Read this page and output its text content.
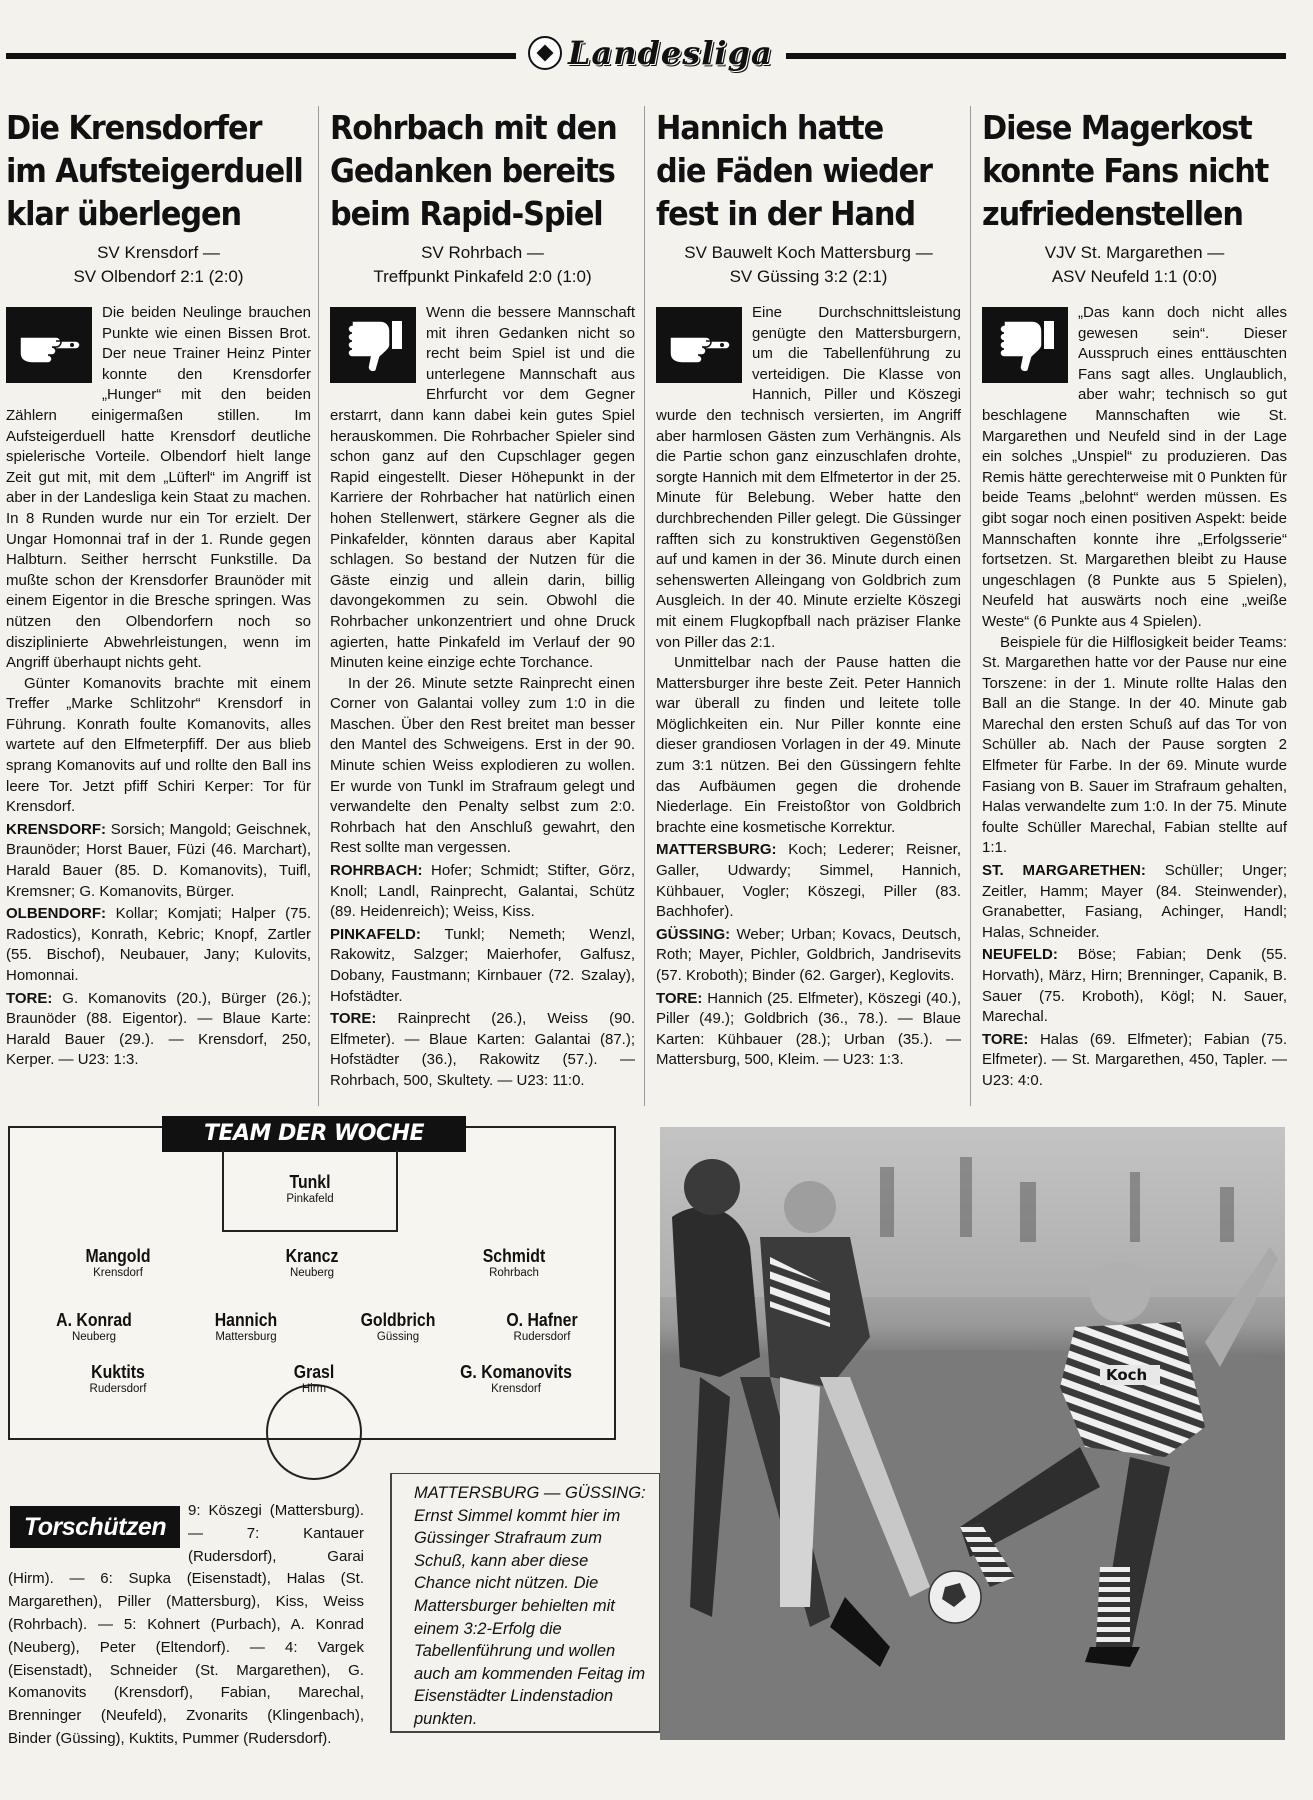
Landesliga
Die Krensdorfer
im Aufsteigerduell
klar überlegen
SV Krensdorf —
SV Olbendorf 2:1 (2:0)

Die beiden Neulinge brauchen Punkte wie einen Bissen Brot. Der neue Trainer Heinz Pinter konnte den Krensdorfer „Hunger“ mit den beiden Zählern einigermaßen stillen. Im Aufsteigerduell hatte Krensdorf deutliche spielerische Vorteile. Olbendorf hielt lange Zeit gut mit, mit dem „Lüfterl“ im Angriff ist aber in der Landesliga kein Staat zu machen. In 8 Runden wurde nur ein Tor erzielt. Der Ungar Homonnai traf in der 1. Runde gegen Halbturn. Seither herrscht Funkstille. Da mußte schon der Krensdorfer Braunöder mit einem Eigentor in die Bresche springen. Was nützen den Olbendorfern noch so disziplinierte Abwehrleistungen, wenn im Angriff überhaupt nichts geht.

Günter Komanovits brachte mit einem Treffer „Marke Schlitzohr“ Krensdorf in Führung. Konrath foulte Komanovits, alles wartete auf den Elfmeterpfiff. Der aus blieb sprang Komanovits auf und rollte den Ball ins leere Tor. Jetzt pfiff Schiri Kerper: Tor für Krensdorf.

KRENSDORF: Sorsich; Mangold; Geischnek, Braunöder; Horst Bauer, Füzi (46. Marchart), Harald Bauer (85. D. Komanovits), Tuifl, Kremsner; G. Komanovits, Bürger.

OLBENDORF: Kollar; Komjati; Halper (75. Radostics), Konrath, Kebric; Knopf, Zartler (55. Bischof), Neubauer, Jany; Kulovits, Homonnai.

TORE: G. Komanovits (20.), Bürger (26.); Braunöder (88. Eigentor). — Blaue Karte: Harald Bauer (29.). — Krensdorf, 250, Kerper. — U23: 1:3.

Rohrbach mit den
Gedanken bereits
beim Rapid-Spiel
SV Rohrbach —
Treffpunkt Pinkafeld 2:0 (1:0)

Wenn die bessere Mannschaft mit ihren Gedanken nicht so recht beim Spiel ist und die unterlegene Mannschaft aus Ehrfurcht vor dem Gegner erstarrt, dann kann dabei kein gutes Spiel herauskommen. Die Rohrbacher Spieler sind schon ganz auf den Cupschlager gegen Rapid eingestellt. Dieser Höhepunkt in der Karriere der Rohrbacher hat natürlich einen hohen Stellenwert, stärkere Gegner als die Pinkafelder, könnten daraus aber Kapital schlagen. So bestand der Nutzen für die Gäste einzig und allein darin, billig davongekommen zu sein. Obwohl die Rohrbacher unkonzentriert und ohne Druck agierten, hatte Pinkafeld im Verlauf der 90 Minuten keine einzige echte Torchance.

In der 26. Minute setzte Rainprecht einen Corner von Galantai volley zum 1:0 in die Maschen. Über den Rest breitet man besser den Mantel des Schweigens. Erst in der 90. Minute schien Weiss explodieren zu wollen. Er wurde von Tunkl im Strafraum gelegt und verwandelte den Penalty selbst zum 2:0. Rohrbach hat den Anschluß gewahrt, den Rest sollte man vergessen.

ROHRBACH: Hofer; Schmidt; Stifter, Görz, Knoll; Landl, Rainprecht, Galantai, Schütz (89. Heidenreich); Weiss, Kiss.

PINKAFELD: Tunkl; Nemeth; Wenzl, Rakowitz, Salzger; Maierhofer, Galfusz, Dobany, Faustmann; Kirnbauer (72. Szalay), Hofstädter.

TORE: Rainprecht (26.), Weiss (90. Elfmeter). — Blaue Karten: Galantai (87.); Hofstädter (36.), Rakowitz (57.). — Rohrbach, 500, Skultety. — U23: 11:0.

Hannich hatte
die Fäden wieder
fest in der Hand
SV Bauwelt Koch Mattersburg —
SV Güssing 3:2 (2:1)

Eine Durchschnittsleistung genügte den Mattersburgern, um die Tabellenführung zu verteidigen. Die Klasse von Hannich, Piller und Köszegi wurde den technisch versierten, im Angriff aber harmlosen Gästen zum Verhängnis. Als die Partie schon ganz einzuschlafen drohte, sorgte Hannich mit dem Elfmetertor in der 25. Minute für Belebung. Weber hatte den durchbrechenden Piller gelegt. Die Güssinger rafften sich zu konstruktiven Gegenstößen auf und kamen in der 36. Minute durch einen sehenswerten Alleingang von Goldbrich zum Ausgleich. In der 40. Minute erzielte Köszegi mit einem Flugkopfball nach präziser Flanke von Piller das 2:1.

Unmittelbar nach der Pause hatten die Mattersburger ihre beste Zeit. Peter Hannich war überall zu finden und leitete tolle Möglichkeiten ein. Nur Piller konnte eine dieser grandiosen Vorlagen in der 49. Minute zum 3:1 nützen. Bei den Güssingern fehlte das Aufbäumen gegen die drohende Niederlage. Ein Freistoßtor von Goldbrich brachte eine kosmetische Korrektur.

MATTERSBURG: Koch; Lederer; Reisner, Galler, Udwardy; Simmel, Hannich, Kühbauer, Vogler; Köszegi, Piller (83. Bachhofer).

GÜSSING: Weber; Urban; Kovacs, Deutsch, Roth; Mayer, Pichler, Goldbrich, Jandrisevits (57. Krobоth); Binder (62. Garger), Keglovits.

TORE: Hannich (25. Elfmeter), Köszegi (40.), Piller (49.); Goldbrich (36., 78.). — Blaue Karten: Kühbauer (28.); Urban (35.). — Mattersburg, 500, Kleim. — U23: 1:3.

Diese Magerkost
konnte Fans nicht
zufriedenstellen
VJV St. Margarethen —
ASV Neufeld 1:1 (0:0)

„Das kann doch nicht alles gewesen sein“. Dieser Ausspruch eines enttäuschten Fans sagt alles. Unglaublich, aber wahr; technisch so gut beschlagene Mannschaften wie St. Margarethen und Neufeld sind in der Lage ein solches „Unspiel“ zu produzieren. Das Remis hätte gerechterweise mit 0 Punkten für beide Teams „belohnt“ werden müssen. Es gibt sogar noch einen positiven Aspekt: beide Mannschaften konnte ihre „Erfolgsserie“ fortsetzen. St. Margarethen bleibt zu Hause ungeschlagen (8 Punkte aus 5 Spielen), Neufeld hat auswärts noch eine „weiße Weste“ (6 Punkte aus 4 Spielen).

Beispiele für die Hilflosigkeit beider Teams: St. Margarethen hatte vor der Pause nur eine Torszene: in der 1. Minute rollte Halas den Ball an die Stange. In der 40. Minute gab Marechal den ersten Schuß auf das Tor von Schüller ab. Nach der Pause sorgten 2 Elfmeter für Farbe. In der 69. Minute wurde Fasiang von B. Sauer im Strafraum gehalten, Halas verwandelte zum 1:0. In der 75. Minute foulte Schüller Marechal, Fabian stellte auf 1:1.

ST. MARGARETHEN: Schüller; Unger; Zeitler, Hamm; Mayer (84. Steinwender), Granabetter, Fasiang, Achinger, Handl; Halas, Schneider.

NEUFELD: Böse; Fabian; Denk (55. Horvath), März, Hirn; Brenninger, Capanik, B. Sauer (75. Kroboth), Kögl; N. Sauer, Marechal.

TORE: Halas (69. Elfmeter); Fabian (75. Elfmeter). — St. Margarethen, 450, Tapler. — U23: 4:0.

TEAM DER WOCHE
Tunkl
Pinkafeld
Mangold
Krensdorf
Krancz
Neuberg
Schmidt
Rohrbach
A. Konrad
Neuberg
Hannich
Mattersburg
Goldbrich
Güssing
O. Hafner
Rudersdorf
Kuktits
Rudersdorf
Grasl
Hirm
G. Komanovits
Krensdorf
Torschützen
9: Köszegi (Mattersburg). — 7: Kantauer (Rudersdorf), Garai (Hirm). — 6: Supka (Eisenstadt), Halas (St. Margarethen), Piller (Mattersburg), Kiss, Weiss (Rohrbach). — 5: Kohnert (Purbach), A. Konrad (Neuberg), Peter (Eltendorf). — 4: Vargek (Eisenstadt), Schneider (St. Margarethen), G. Komanovits (Krensdorf), Fabian, Marechal, Brenninger (Neufeld), Zvonarits (Klingenbach), Binder (Güssing), Kuktits, Pummer (Rudersdorf).
MATTERSBURG — GÜSSING: Ernst Simmel kommt hier im Güssinger Strafraum zum Schuß, kann aber diese Chance nicht nützen. Die Mattersburger behielten mit einem 3:2-Erfolg die Tabellenführung und wollen auch am kommenden Feitag im Eisenstädter Lindenstadion punkten.
Koch
